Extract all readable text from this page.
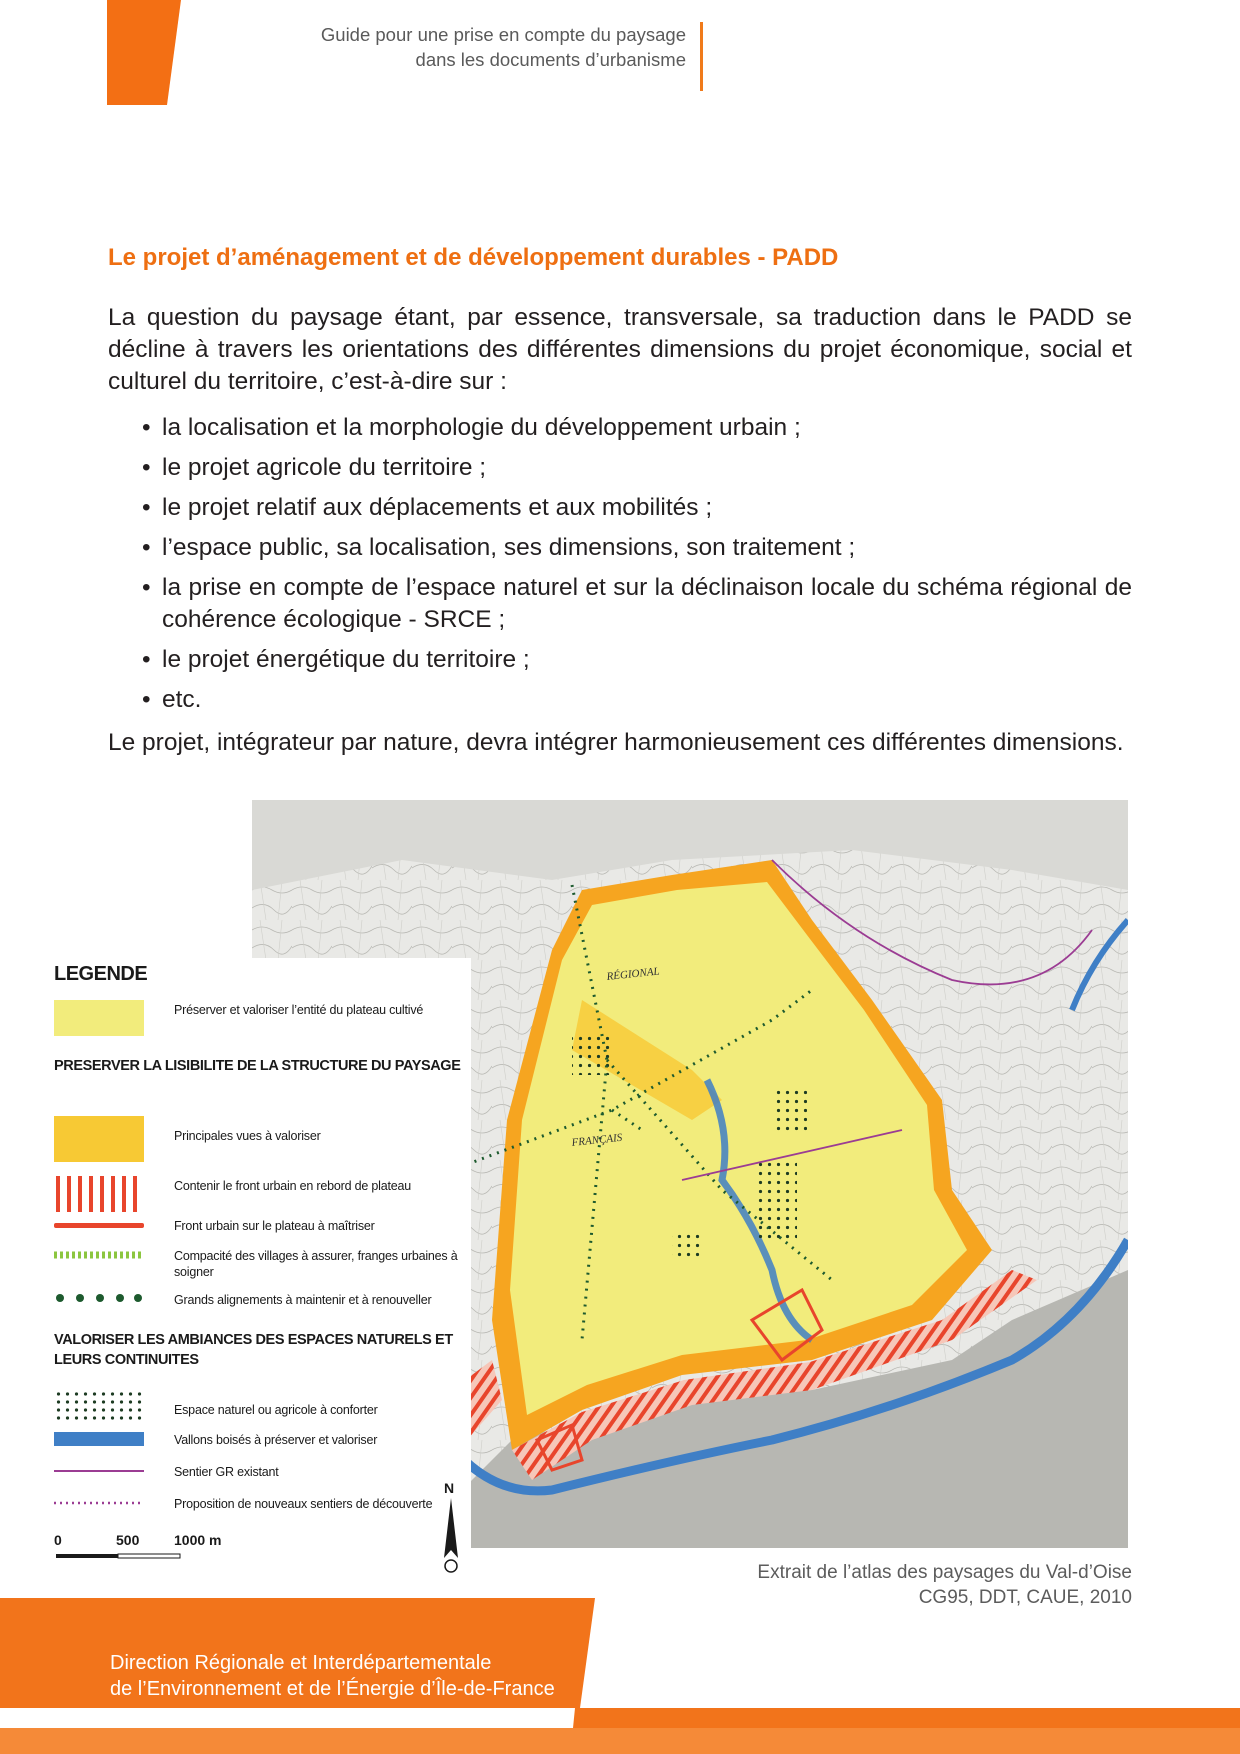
Guide pour une prise en compte du paysage
dans les documents d’urbanisme
Le projet d’aménagement et de développement durables - PADD

La question du paysage étant, par essence, transversale, sa traduction dans le PADD se décline à travers les orientations des différentes dimensions du projet économique, social et culturel du territoire, c’est-à-dire sur :

• la localisation et la morphologie du développement urbain ;
• le projet agricole du territoire ;
• le projet relatif aux déplacements et aux mobilités ;
• l’espace public, sa localisation, ses dimensions, son traitement ;
• la prise en compte de l’espace naturel et sur la déclinaison locale du schéma régional de cohérence écologique - SRCE ;
• le projet énergétique du territoire ;
• etc.

Le projet, intégrateur par nature, devra intégrer harmonieusement ces différentes dimensions.

RÉGIONAL
FRANÇAIS
LEGENDE
Préserver et valoriser l’entité du plateau cultivé
PRESERVER LA LISIBILITE DE LA STRUCTURE DU PAYSAGE
Principales vues à valoriser
Contenir le front urbain en rebord de plateau
Front urbain sur le plateau à maîtriser
Compacité des villages à assurer, franges urbaines à soigner
Grands alignements à maintenir et à renouveller
VALORISER LES AMBIANCES DES ESPACES NATURELS ET LEURS CONTINUITES
Espace naturel ou agricole à conforter
Vallons boisés à préserver et valoriser
Sentier GR existant
Proposition de nouveaux sentiers de découverte
0	500 1000 m
N
Extrait de l’atlas des paysages du Val-d’Oise
CG95, DDT, CAUE, 2010
Direction Régionale et Interdépartementale
de l’Environnement et de l’Énergie d’Île-de-France
